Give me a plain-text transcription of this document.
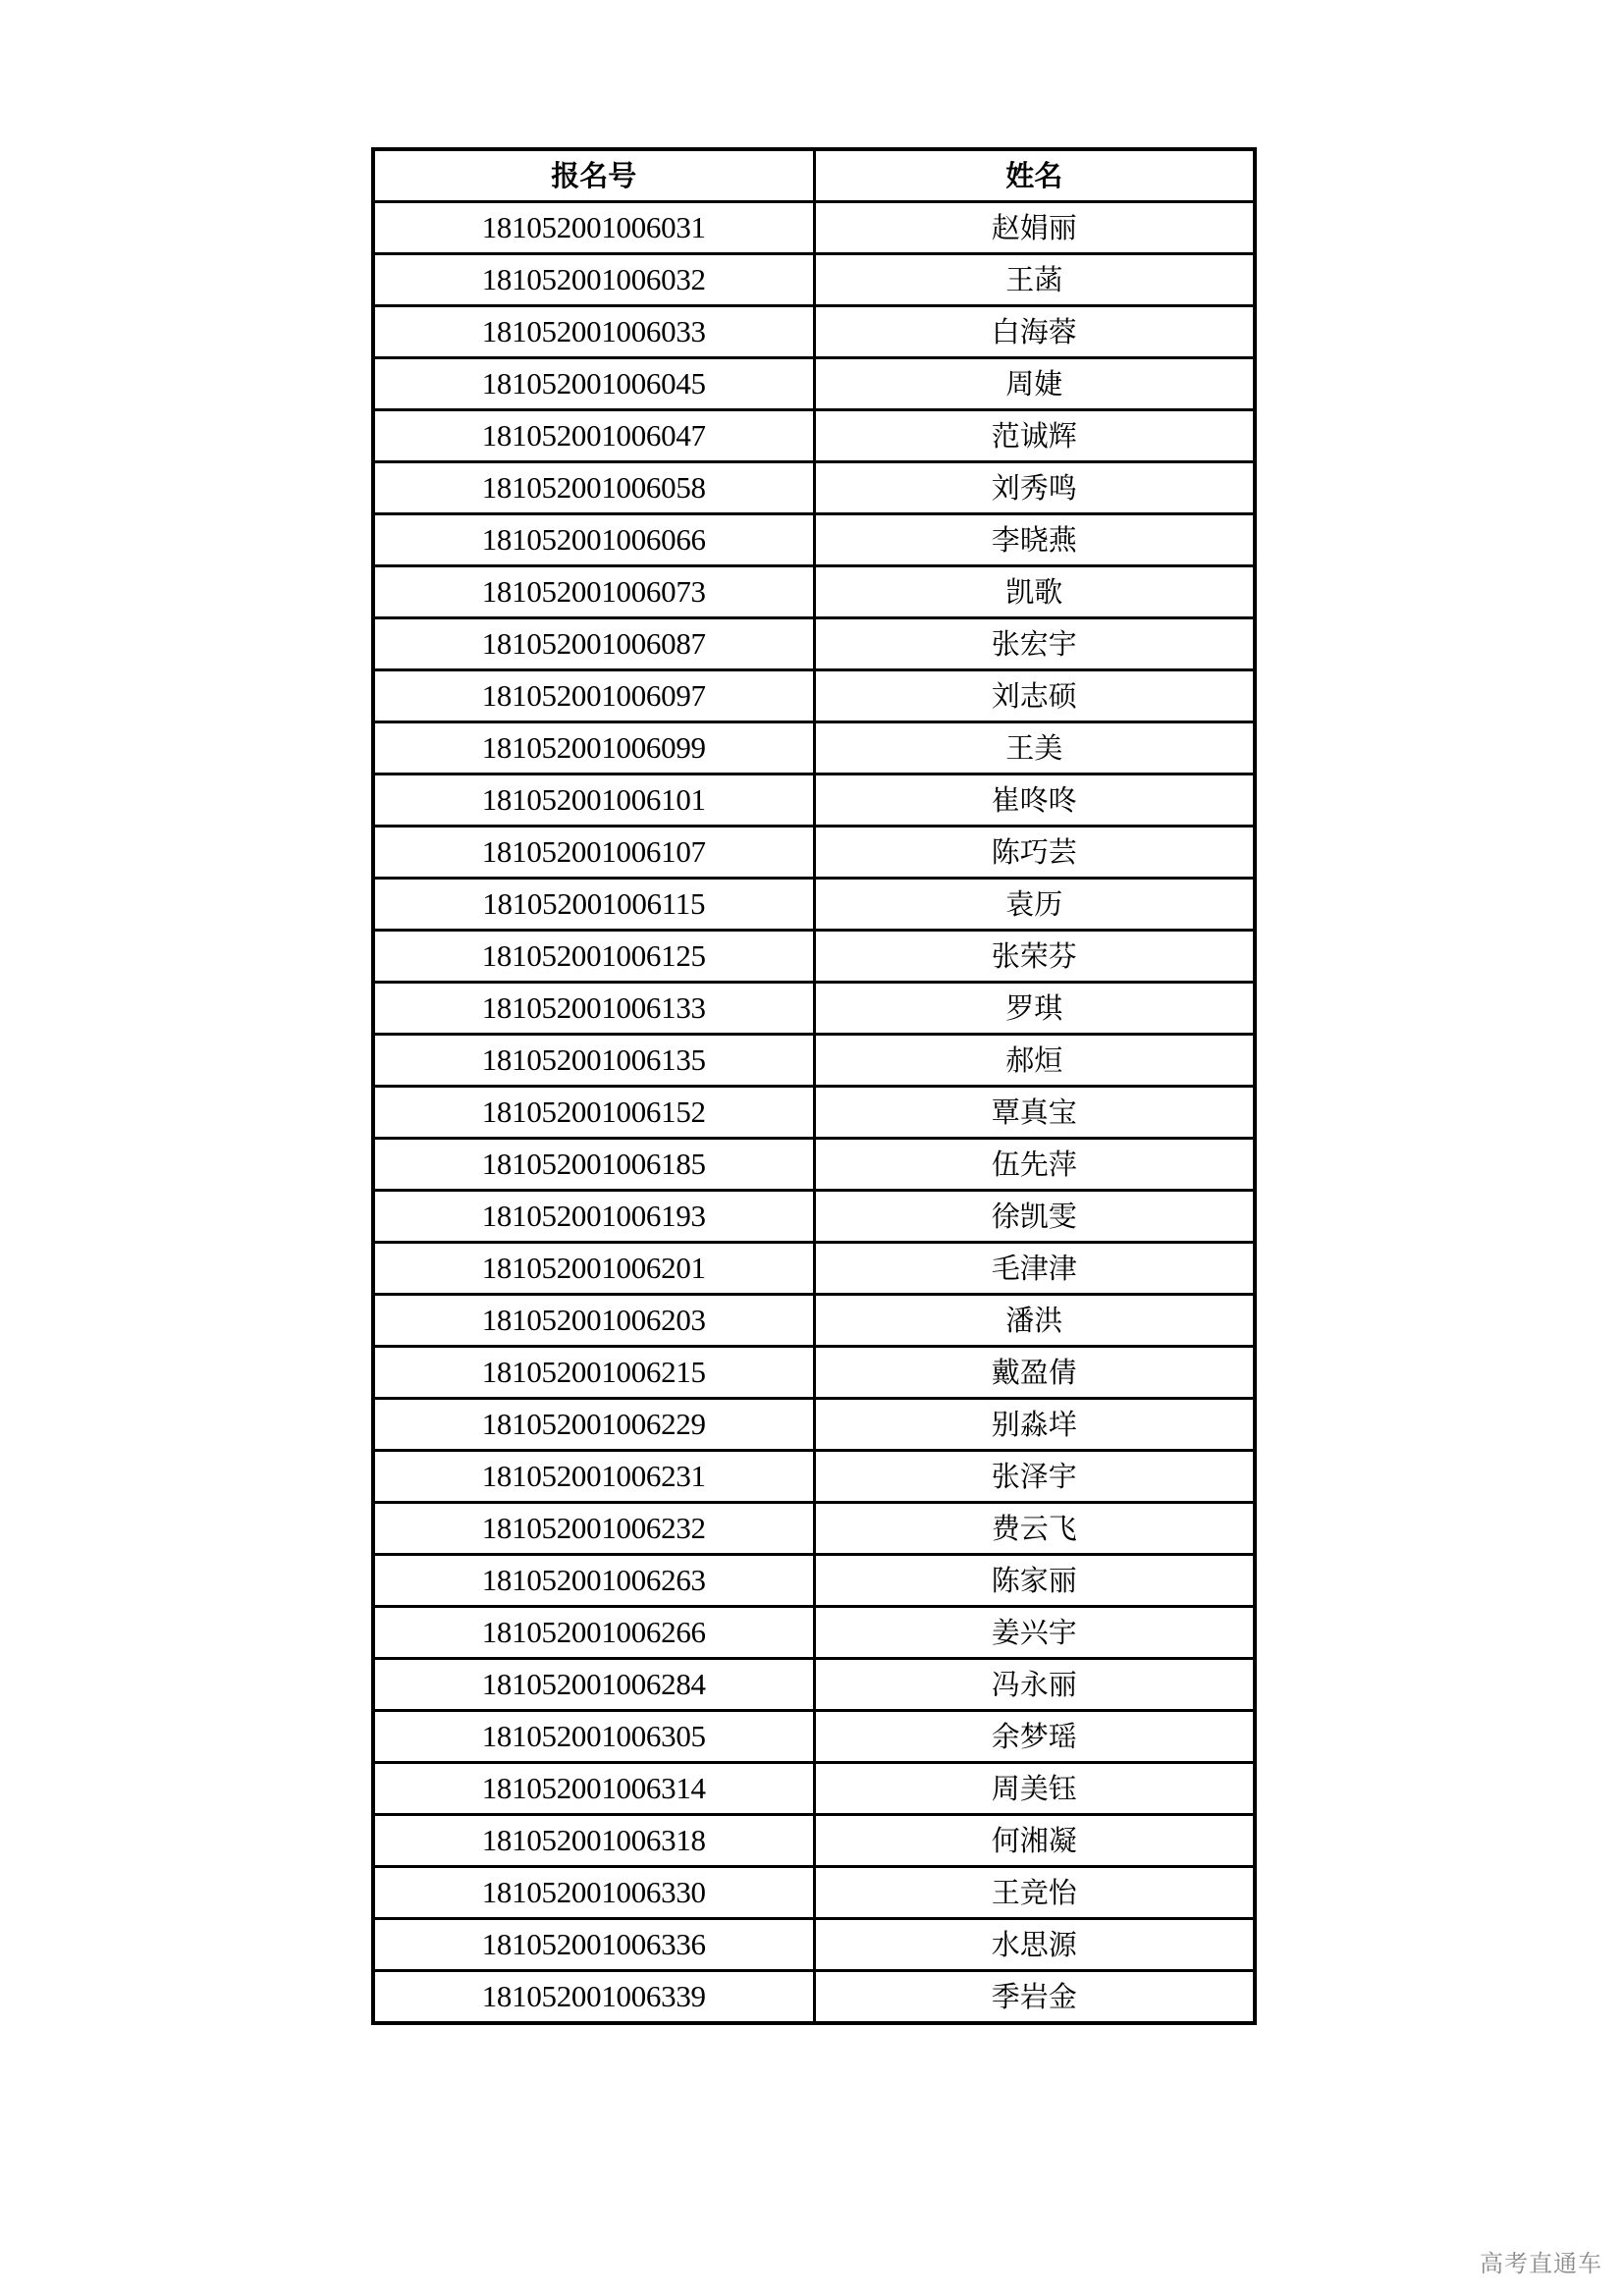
报名号	姓名
181052001006031	赵娟丽
181052001006032	王菡
181052001006033	白海蓉
181052001006045	周婕
181052001006047	范诚辉
181052001006058	刘秀鸣
181052001006066	李晓燕
181052001006073	凯歌
181052001006087	张宏宇
181052001006097	刘志硕
181052001006099	王美
181052001006101	崔咚咚
181052001006107	陈巧芸
181052001006115	袁历
181052001006125	张荣芬
181052001006133	罗琪
181052001006135	郝烜
181052001006152	覃真宝
181052001006185	伍先萍
181052001006193	徐凯雯
181052001006201	毛津津
181052001006203	潘洪
181052001006215	戴盈倩
181052001006229	别淼垟
181052001006231	张泽宇
181052001006232	费云飞
181052001006263	陈家丽
181052001006266	姜兴宇
181052001006284	冯永丽
181052001006305	余梦瑶
181052001006314	周美钰
181052001006318	何湘凝
181052001006330	王竞怡
181052001006336	水思源
181052001006339	季岩金
高考直通车
